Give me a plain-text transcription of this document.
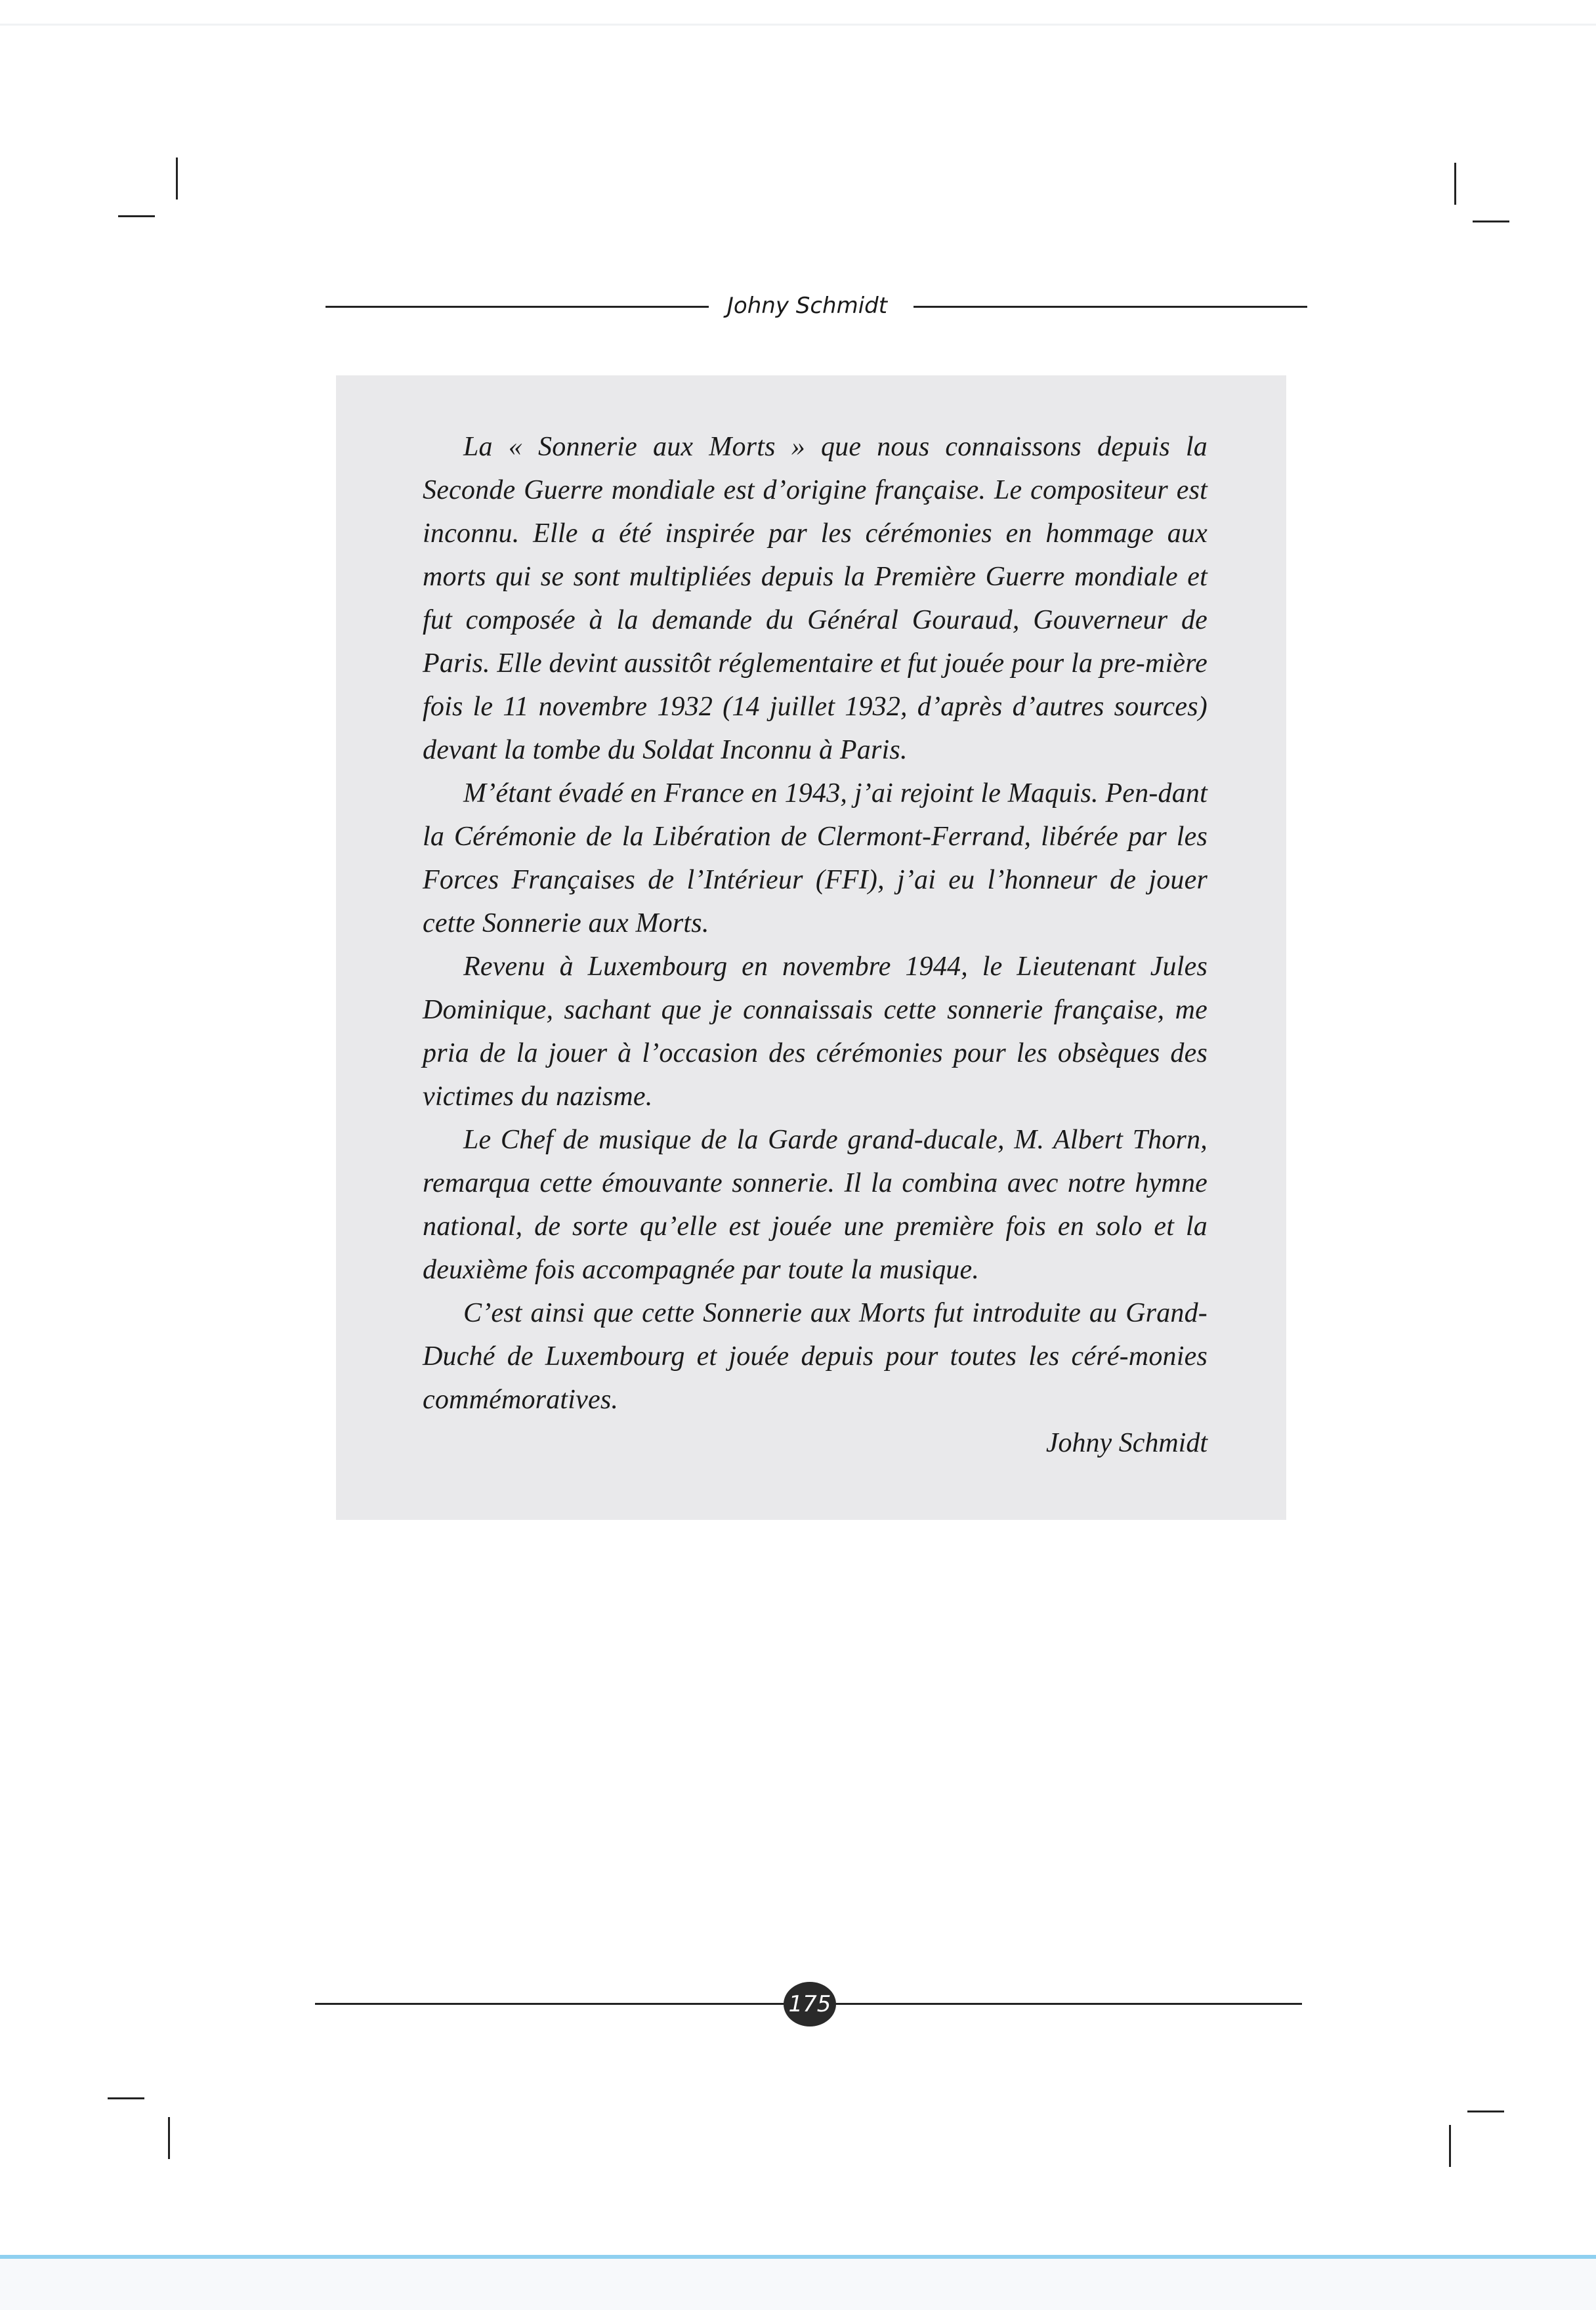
Johny Schmidt

La « Sonnerie aux Morts » que nous connaissons depuis la Seconde Guerre mondiale est d’origine française. Le compositeur est inconnu. Elle a été inspirée par les cérémonies en hommage aux morts qui se sont multipliées depuis la Première Guerre mondiale et fut composée à la demande du Général Gouraud, Gouverneur de Paris. Elle devint aussitôt réglementaire et fut jouée pour la pre-mière fois le 11 novembre 1932 (14 juillet 1932, d’après d’autres sources) devant la tombe du Soldat Inconnu à Paris.

M’étant évadé en France en 1943, j’ai rejoint le Maquis. Pen-dant la Cérémonie de la Libération de Clermont-Ferrand, libérée par les Forces Françaises de l’Intérieur (FFI), j’ai eu l’honneur de jouer cette Sonnerie aux Morts.

Revenu à Luxembourg en novembre 1944, le Lieutenant Jules Dominique, sachant que je connaissais cette sonnerie française, me pria de la jouer à l’occasion des cérémonies pour les obsèques des victimes du nazisme.

Le Chef de musique de la Garde grand-ducale, M. Albert Thorn, remarqua cette émouvante sonnerie. Il la combina avec notre hymne national, de sorte qu’elle est jouée une première fois en solo et la deuxième fois accompagnée par toute la musique.

C’est ainsi que cette Sonnerie aux Morts fut introduite au Grand-Duché de Luxembourg et jouée depuis pour toutes les céré-monies commémoratives.

Johny Schmidt

175
